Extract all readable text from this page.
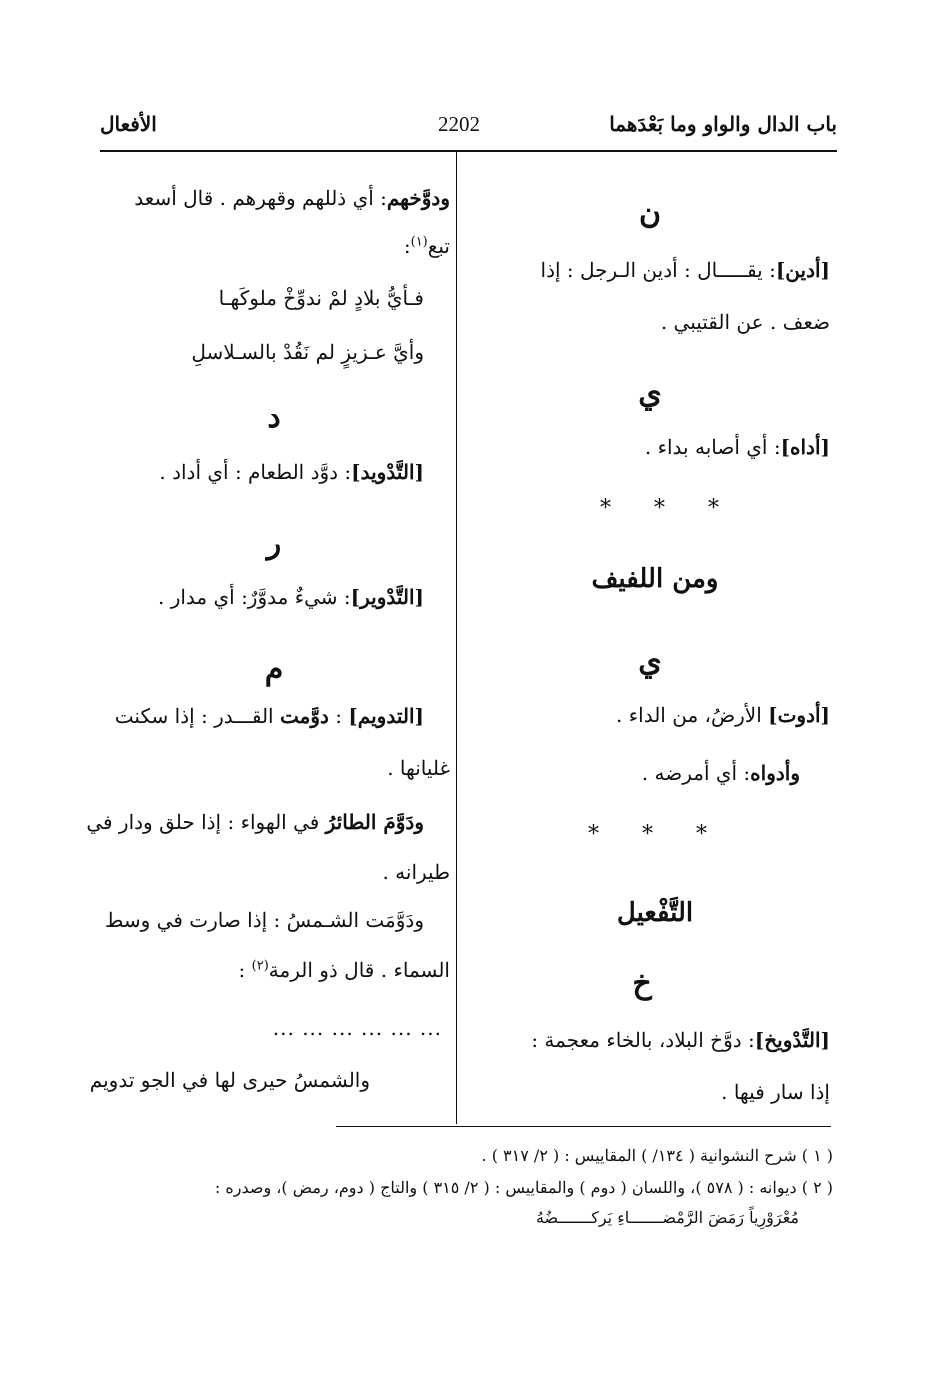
باب الدال والواو وما بَعْدَهما
2202
الأفعال
ن
[أدين]: يقـــــال : أدين الـرجل : إذا
ضعف . عن القتيبي .
ي
[أداه]: أي أصابه بداء .
* * *
ومن اللفيف
ي
[أدوت] الأرضُ، من الداء .
وأدواه: أي أمرضه .
* * *
التَّفْعيل
خ
[التَّدْويخ]: دوَّخ البلاد، بالخاء معجمة :
إذا سار فيها .
ودوَّخهم: أي ذللهم وقهرهم . قال أسعد
تبع$^{(١)}$:
فـأيُّ بلادٍ لمْ ندوِّخْ ملوكَهـا
وأيَّ عـزيزٍ لم نَقُدْ بالسـلاسلِ
د
[التَّدْويد]: دوَّد الطعام : أي أداد .
ر
[التَّدْوير]: شيءٌ مدوَّرٌ: أي مدار .
م
[التدويم] : دوَّمت القـــدر : إذا سكنت
غليانها .
ودَوَّمَ الطائرُ في الهواء : إذا حلق ودار في
طيرانه .
ودَوَّمَت الشـمسُ : إذا صارت في وسط
السماء . قال ذو الرمة$^{(٢)}$ :
... ... ... ... ... ...
والشمسُ حيرى لها في الجو تدويم
( ١ ) شرح النشوانية ( ١٣٤/ ) المقاييس : ( ٢/ ٣١٧ ) .
( ٢ ) ديوانه : ( ٥٧٨ )، واللسان ( دوم ) والمقاييس : ( ٢/ ٣١٥ ) والتاج ( دوم، رمض )، وصدره :
مُعْرَوْرِياً رَمَضَ الرَّمْضـــــــاءِ يَركـــــــضُهُ
